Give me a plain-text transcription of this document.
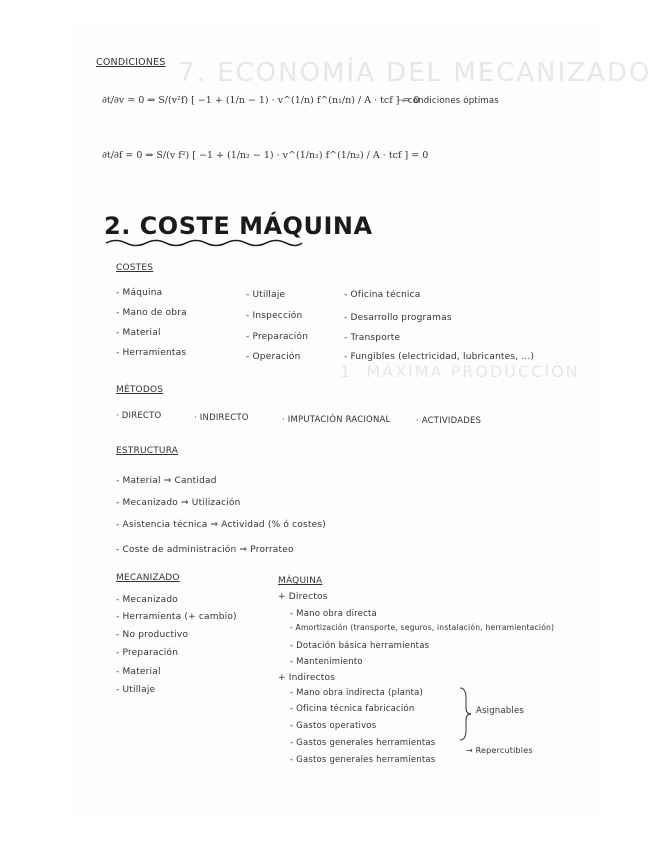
7. ECONOMÍA DEL MECANIZADO
1. MÁXIMA PRODUCCIÓN
CONDICIONES
∂t/∂v = 0 ⇒ S/(v²f) [ −1 + (1/n − 1) · v^(1/n) f^(n₁/n) / A · tcf ] = 0
⤳ condiciones óptimas
∂t/∂f = 0 ⇒ S/(v f²) [ −1 + (1/n₂ − 1) · v^(1/n₁) f^(1/n₂) / A · tcf ] = 0
2. COSTE MÁQUINA
COSTES
- Máquina
- Mano de obra
- Material
- Herramientas
- Utillaje
- Inspección
- Preparación
- Operación
- Oficina técnica
- Desarrollo programas
- Transporte
- Fungibles (electricidad, lubricantes, ...)
MÉTODOS
· DIRECTO	· INDIRECTO	· IMPUTACIÓN RACIONAL	· ACTIVIDADES
ESTRUCTURA
- Material ⇒ Cantidad
- Mecanizado ⇒ Utilización
- Asistencia técnica ⇒ Actividad (% ó costes)
- Coste de administración ⇒ Prorrateo
MECANIZADO
- Mecanizado
- Herramienta (+ cambio)
- No productivo
- Preparación
- Material
- Utillaje
MÁQUINA
+ Directos
- Mano obra directa
- Amortización (transporte, seguros, instalación, herramientación)
- Dotación básica herramientas
- Mantenimiento
+ Indirectos
- Mano obra indirecta (planta)
- Oficina técnica fabricación
- Gastos operativos
- Gastos generales herramientas
- Gastos generales herramientas
Asignables
→ Repercutibles
